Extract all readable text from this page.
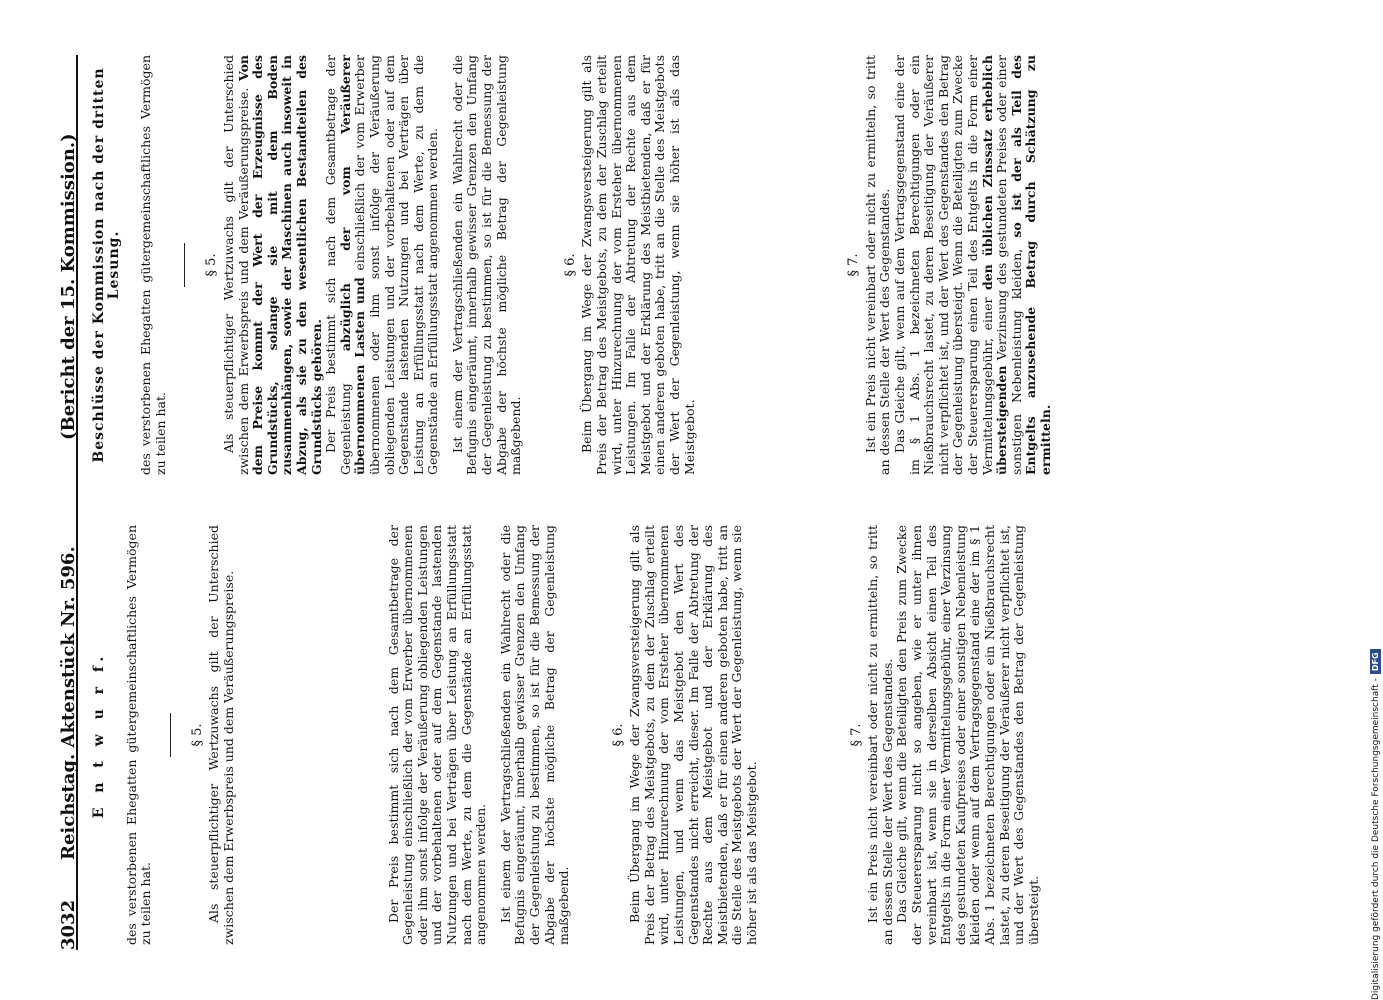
3032
Reichstag. Aktenstück Nr. 596.
(Bericht der 15. Kommission.)
E n t w u r f. des verstorbenen Ehegatten gütergemeinschaftliches Vermögen zu teilen hat.

§ 5. Als steuerpflichtiger Wertzuwachs gilt der Unterschied zwischen dem Erwerbspreis und dem Veräußerungspreise.	Der Preis bestimmt sich nach dem Gesamtbetrage der Gegenleistung einschließlich der vom Erwerber übernommenen oder ihm sonst infolge der Veräußerung obliegenden Leistungen und der vorbehaltenen oder auf dem Gegenstande lastenden Nutzungen und bei Verträgen über Leistung an Erfüllungsstatt nach dem Werte, zu dem die Gegenstände an Erfüllungsstatt angenommen werden. Ist einem der Vertragschließenden ein Wahlrecht oder die Befugnis eingeräumt, innerhalb gewisser Grenzen den Umfang der Gegenleistung zu bestimmen, so ist für die Bemessung der Abgabe der höchste mögliche Betrag der Gegenleistung maßgebend.

§ 6. Beim Übergang im Wege der Zwangsversteigerung gilt als Preis der Betrag des Meistgebots, zu dem der Zuschlag erteilt wird, unter Hinzurechnung der vom Ersteher übernommenen Leistungen, und wenn das Meistgebot den Wert des Gegenstandes nicht erreicht, dieser. Im Falle der Abtretung der Rechte aus dem Meistgebot und der Erklärung des Meistbietenden, daß er für einen anderen geboten habe, tritt an die Stelle des Meistgebots der Wert der Gegenleistung, wenn sie höher ist als das Meistgebot.

§ 7. Ist ein Preis nicht vereinbart oder nicht zu ermitteln, so tritt an dessen Stelle der Wert des Gegenstandes. Das Gleiche gilt, wenn die Beteiligten den Preis zum Zwecke der Steuerersparung nicht so angeben, wie er unter ihnen vereinbart ist, wenn sie in derselben Absicht einen Teil des Entgelts in die Form einer Vermittelungsgebühr, einer Verzinsung des gestundeten Kaufpreises oder einer sonstigen Nebenleistung kleiden oder wenn auf dem Vertragsgegenstand eine der im § 1 Abs. 1 bezeichneten Berechtigungen oder ein Nießbrauchsrecht lastet, zu deren Beseitigung der Veräußerer nicht verpflichtet ist, und der Wert des Gegenstandes den Betrag der Gegenleistung übersteigt.

Beschlüsse der Kommission nach der dritten Lesung. des verstorbenen Ehegatten gütergemeinschaftliches Vermögen zu teilen hat.

§ 5. Als steuerpflichtiger Wertzuwachs gilt der Unterschied zwischen dem Erwerbspreis und dem Veräußerungspreise. Von dem Preise kommt der Wert der Erzeugnisse des Grundstücks, solange sie mit dem Boden zusammenhängen, sowie der Maschinen auch insoweit in Abzug, als sie zu den wesentlichen Bestandteilen des Grundstücks gehören. Der Preis bestimmt sich nach dem Gesamtbetrage der Gegenleistung abzüglich der vom Veräußerer übernommenen Lasten und einschließlich der vom Erwerber übernommenen oder ihm sonst infolge der Veräußerung obliegenden Leistungen und der vorbehaltenen oder auf dem Gegenstande lastenden Nutzungen und bei Verträgen über Leistung an Erfüllungsstatt nach dem Werte, zu dem die Gegenstände an Erfüllungsstatt angenommen werden. Ist einem der Vertragschließenden ein Wahlrecht oder die Befugnis eingeräumt, innerhalb gewisser Grenzen den Umfang der Gegenleistung zu bestimmen, so ist für die Bemessung der Abgabe der höchste mögliche Betrag der Gegenleistung maßgebend.

§ 6. Beim Übergang im Wege der Zwangsversteigerung gilt als Preis der Betrag des Meistgebots, zu dem der Zuschlag erteilt wird, unter Hinzurechnung der vom Ersteher übernommenen Leistungen. Im Falle der Abtretung der Rechte aus dem Meistgebot und der Erklärung des Meistbietenden, daß er für einen anderen geboten habe, tritt an die Stelle des Meistgebots der Wert der Gegenleistung, wenn sie höher ist als das Meistgebot.

§ 7. Ist ein Preis nicht vereinbart oder nicht zu ermitteln, so tritt an dessen Stelle der Wert des Gegenstandes. Das Gleiche gilt, wenn auf dem Vertragsgegenstand eine der im § 1 Abs. 1 bezeichneten Berechtigungen oder ein Nießbrauchsrecht lastet, zu deren Beseitigung der Veräußerer nicht verpflichtet ist, und der Wert des Gegenstandes den Betrag der Gegenleistung übersteigt. Wenn die Beteiligten zum Zwecke der Steuerersparung einen Teil des Entgelts in die Form einer Vermittelungsgebühr, einer den üblichen Zinssatz erheblich übersteigenden Verzinsung des gestundeten Preises oder einer sonstigen Nebenleistung kleiden, so ist der als Teil des Entgelts anzusehende Betrag durch Schätzung zu ermitteln.

Digitalisierung gefördert durch die Deutsche Forschungsgemeinschaft -
DFG
